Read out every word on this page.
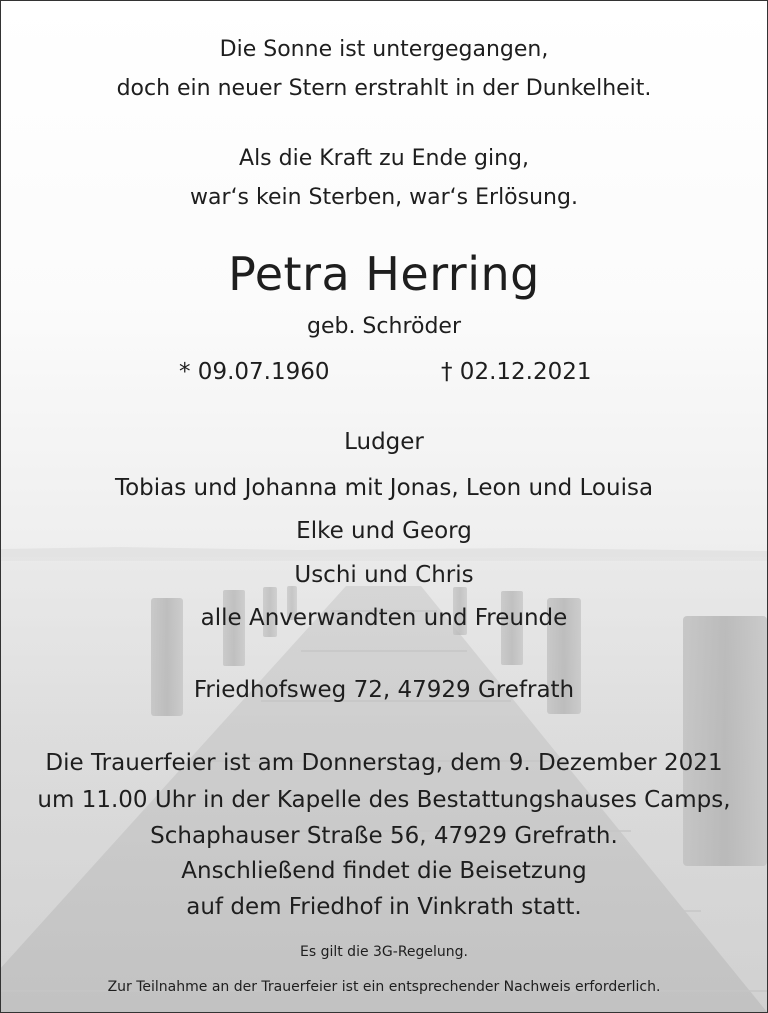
Die Sonne ist untergegangen,
doch ein neuer Stern erstrahlt in der Dunkelheit.
Als die Kraft zu Ende ging,
war‘s kein Sterben, war‘s Erlösung.
Petra Herring
geb. Schröder
* 09.07.1960	† 02.12.2021
Ludger
Tobias und Johanna mit Jonas, Leon und Louisa
Elke und Georg
Uschi und Chris
alle Anverwandten und Freunde
Friedhofsweg 72, 47929 Grefrath
Die Trauerfeier ist am Donnerstag, dem 9. Dezember 2021
um 11.00 Uhr in der Kapelle des Bestattungshauses Camps,
Schaphauser Straße 56, 47929 Grefrath.
Anschließend findet die Beisetzung
auf dem Friedhof in Vinkrath statt.
Es gilt die 3G-Regelung.
Zur Teilnahme an der Trauerfeier ist ein entsprechender Nachweis erforderlich.
